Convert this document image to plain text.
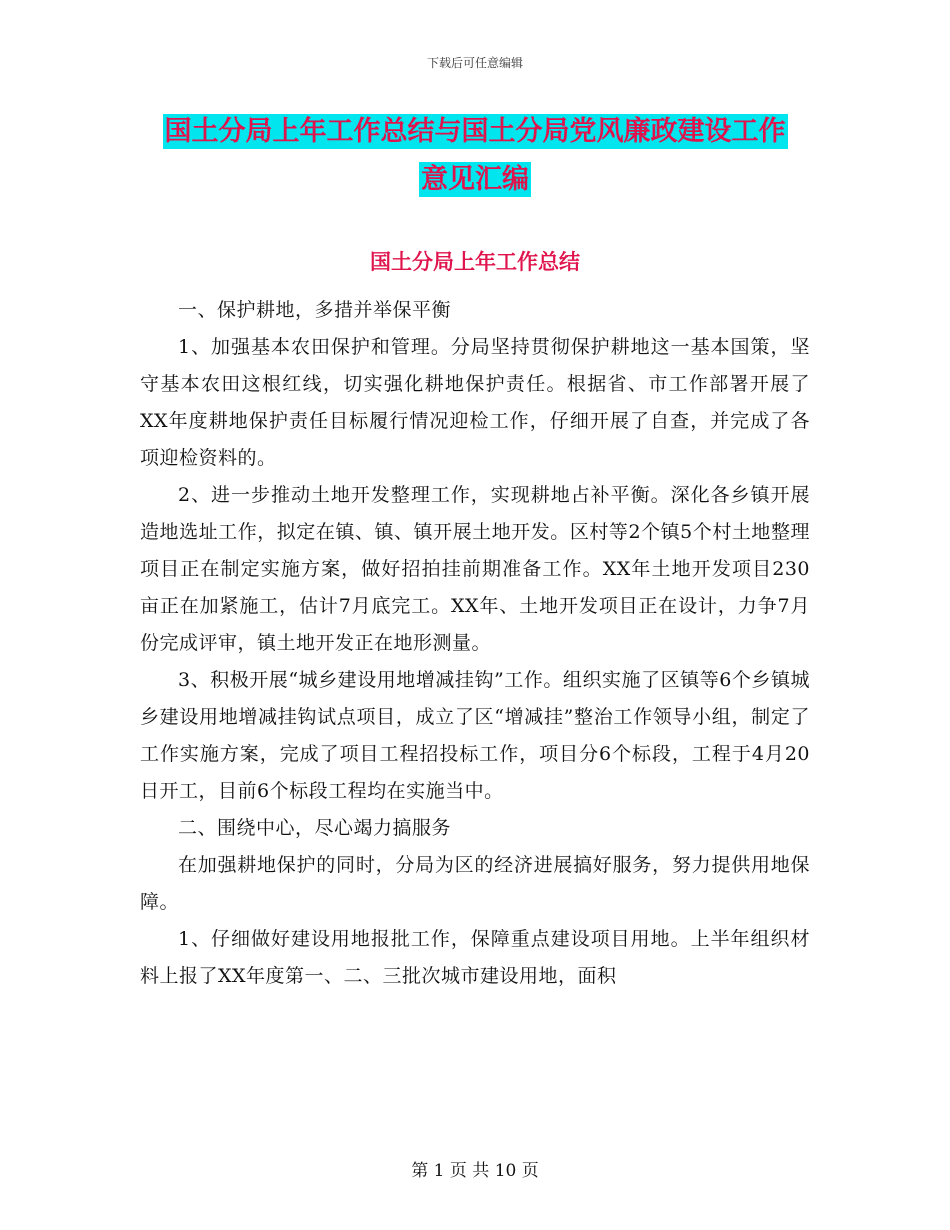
下载后可任意编辑
国土分局上年工作总结与国土分局党风廉政建设工作
意见汇编
国土分局上年工作总结

一、保护耕地，多措并举保平衡

1、加强基本农田保护和管理。分局坚持贯彻保护耕地这一基本国策，坚守基本农田这根红线，切实强化耕地保护责任。根据省、市工作部署开展了XX年度耕地保护责任目标履行情况迎检工作，仔细开展了自查，并完成了各项迎检资料的。

2、进一步推动土地开发整理工作，实现耕地占补平衡。深化各乡镇开展造地选址工作，拟定在镇、镇、镇开展土地开发。区村等2个镇5个村土地整理项目正在制定实施方案，做好招拍挂前期准备工作。XX年土地开发项目230亩正在加紧施工，估计7月底完工。XX年、土地开发项目正在设计，力争7月份完成评审，镇土地开发正在地形测量。

3、积极开展“城乡建设用地增减挂钩”工作。组织实施了区镇等6个乡镇城乡建设用地增减挂钩试点项目，成立了区“增减挂”整治工作领导小组，制定了工作实施方案，完成了项目工程招投标工作，项目分6个标段，工程于4月20日开工，目前6个标段工程均在实施当中。

二、围绕中心，尽心竭力搞服务

在加强耕地保护的同时，分局为区的经济进展搞好服务，努力提供用地保障。

1、仔细做好建设用地报批工作，保障重点建设项目用地。上半年组织材料上报了XX年度第一、二、三批次城市建设用地，面积

第 1 页 共 10 页
